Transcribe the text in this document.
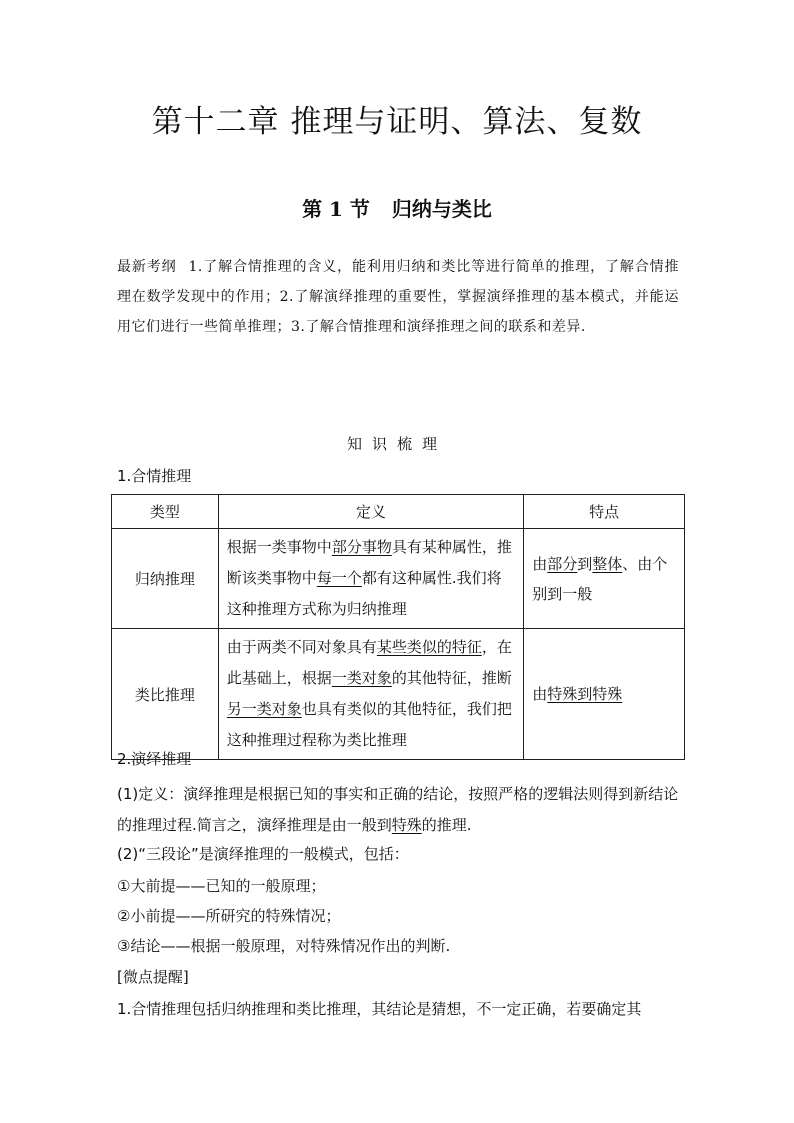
第十二章 推理与证明、算法、复数
第 1 节 归纳与类比
最新考纲 1.了解合情推理的含义，能利用归纳和类比等进行简单的推理，了解合情推理在数学发现中的作用；2.了解演绎推理的重要性，掌握演绎推理的基本模式，并能运用它们进行一些简单推理；3.了解合情推理和演绎推理之间的联系和差异.
知识梳理
1.合情推理
类型	定义	特点
归纳推理	根据一类事物中部分事物具有某种属性，推断该类事物中每一个都有这种属性.我们将这种推理方式称为归纳推理	由部分到整体、由个别到一般
类比推理	由于两类不同对象具有某些类似的特征，在此基础上，根据一类对象的其他特征，推断另一类对象也具有类似的其他特征，我们把这种推理过程称为类比推理	由特殊到特殊
2.演绎推理
(1)定义：演绎推理是根据已知的事实和正确的结论，按照严格的逻辑法则得到新结论的推理过程.简言之，演绎推理是由一般到特殊的推理.
(2)“三段论”是演绎推理的一般模式，包括：
①大前提——已知的一般原理；
②小前提——所研究的特殊情况；
③结论——根据一般原理，对特殊情况作出的判断.
[微点提醒]
1.合情推理包括归纳推理和类比推理，其结论是猜想，不一定正确，若要确定其
